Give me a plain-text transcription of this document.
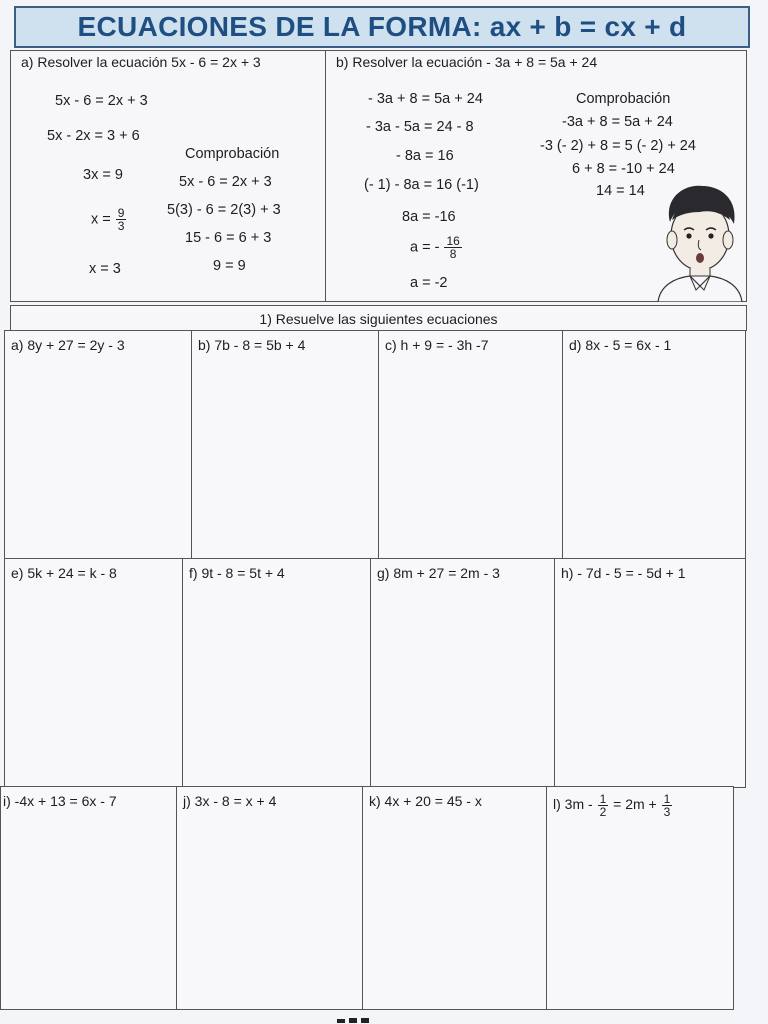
ECUACIONES DE LA FORMA: ax + b = cx + d
a) Resolver la ecuación 5x - 6 = 2x + 3
5x - 6 = 2x + 3
5x - 2x = 3 + 6
3x = 9
$x = \frac{9}{3}$
x = 3
Comprobación
5x - 6 = 2x + 3
5(3) - 6 = 2(3) + 3
15 - 6 = 6 + 3
9 = 9
b) Resolver la ecuación - 3a + 8 = 5a + 24
- 3a + 8 = 5a + 24
- 3a - 5a = 24 - 8
- 8a = 16
(- 1) - 8a = 16 (-1)
8a = -16
a = - $\frac{16}{8}$
a = -2
Comprobación
-3a + 8 = 5a + 24
-3 (- 2) + 8 = 5 (- 2) + 24
6 + 8 = -10 + 24
14 = 14
1) Resuelve las siguientes ecuaciones
a) 8y + 27 = 2y - 3	b) 7b - 8 = 5b + 4	c) h + 9 = - 3h -7	d) 8x - 5 = 6x - 1
e) 5k + 24 = k - 8	f) 9t - 8 = 5t + 4	g) 8m + 27 = 2m - 3	h) - 7d - 5 = - 5d + 1
i) -4x + 13 = 6x - 7	j) 3x - 8 = x + 4	k) 4x + 20 = 45 - x	l) $3m - \frac{1}{2} = 2m + \frac{1}{3}$
